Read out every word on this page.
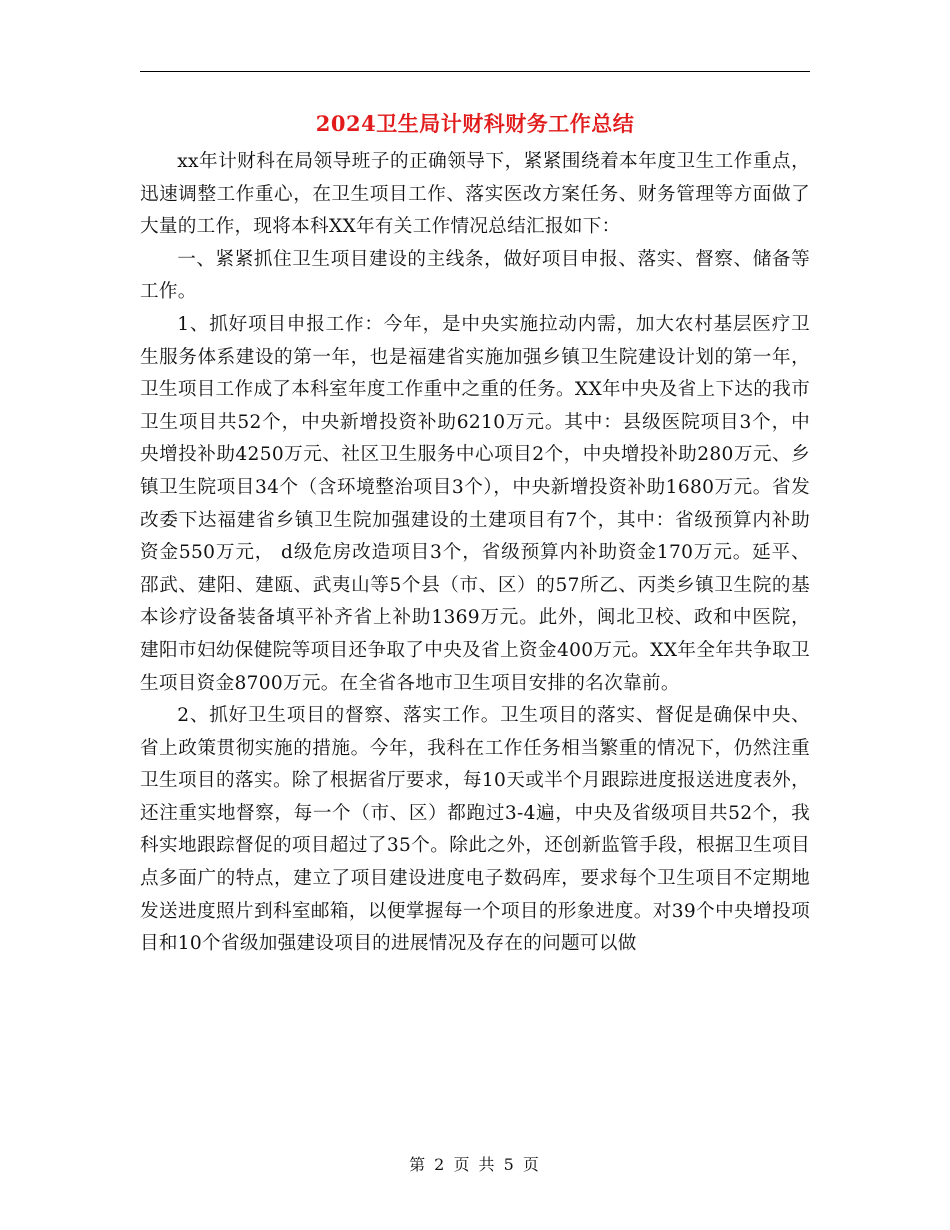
2024卫生局计财科财务工作总结

xx年计财科在局领导班子的正确领导下，紧紧围绕着本年度卫生工作重点，迅速调整工作重心，在卫生项目工作、落实医改方案任务、财务管理等方面做了大量的工作，现将本科XX年有关工作情况总结汇报如下：

一、紧紧抓住卫生项目建设的主线条，做好项目申报、落实、督察、储备等工作。

1、抓好项目申报工作：今年，是中央实施拉动内需，加大农村基层医疗卫生服务体系建设的第一年，也是福建省实施加强乡镇卫生院建设计划的第一年，卫生项目工作成了本科室年度工作重中之重的任务。XX年中央及省上下达的我市卫生项目共52个，中央新增投资补助6210万元。其中：县级医院项目3个，中央增投补助4250万元、社区卫生服务中心项目2个，中央增投补助280万元、乡镇卫生院项目34个（含环境整治项目3个），中央新增投资补助1680万元。省发改委下达福建省乡镇卫生院加强建设的土建项目有7个，其中：省级预算内补助资金550万元， d级危房改造项目3个，省级预算内补助资金170万元。延平、邵武、建阳、建瓯、武夷山等5个县（市、区）的57所乙、丙类乡镇卫生院的基本诊疗设备装备填平补齐省上补助1369万元。此外，闽北卫校、政和中医院，建阳市妇幼保健院等项目还争取了中央及省上资金400万元。XX年全年共争取卫生项目资金8700万元。在全省各地市卫生项目安排的名次靠前。

2、抓好卫生项目的督察、落实工作。卫生项目的落实、督促是确保中央、省上政策贯彻实施的措施。今年，我科在工作任务相当繁重的情况下，仍然注重卫生项目的落实。除了根据省厅要求，每10天或半个月跟踪进度报送进度表外，还注重实地督察，每一个（市、区）都跑过3-4遍，中央及省级项目共52个，我科实地跟踪督促的项目超过了35个。除此之外，还创新监管手段，根据卫生项目点多面广的特点，建立了项目建设进度电子数码库，要求每个卫生项目不定期地发送进度照片到科室邮箱，以便掌握每一个项目的形象进度。对39个中央增投项目和10个省级加强建设项目的进展情况及存在的问题可以做

第 2 页 共 5 页
